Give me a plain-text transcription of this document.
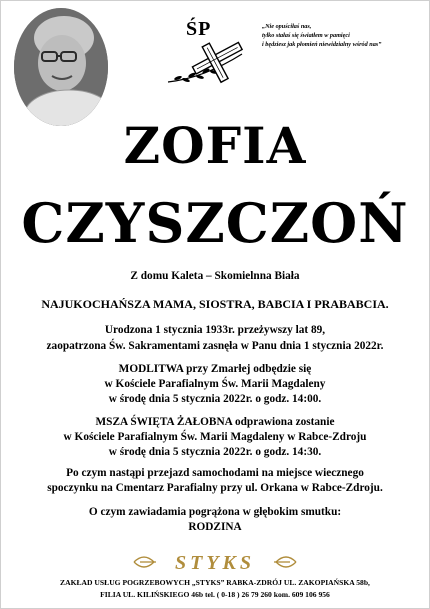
ŚP	„Nie opuściłaś nas,
tylko stałaś się światłem w pamięci
i będziesz jak płomień niewidzialny wśród nas”
ZOFIA
CZYSZCZOŃ
Z domu Kaleta – Skomielnna Biała
NAJUKOCHAŃSZA MAMA, SIOSTRA, BABCIA I PRABABCIA.
Urodzona 1 stycznia 1933r. przeżywszy lat 89,
zaopatrzona Św. Sakramentami zasnęła w Panu dnia 1 stycznia 2022r.
MODLITWA przy Zmarłej odbędzie się
w Kościele Parafialnym Św. Marii Magdaleny
w środę dnia 5 stycznia 2022r. o godz. 14:00.
MSZA ŚWIĘTA ŻAŁOBNA odprawiona zostanie
w Kościele Parafialnym Św. Marii Magdaleny w Rabce-Zdroju
w środę dnia 5 stycznia 2022r. o godz. 14:30.
Po czym nastąpi przejazd samochodami na miejsce wiecznego
spoczynku na Cmentarz Parafialny przy ul. Orkana w Rabce-Zdroju.
O czym zawiadamia pogrążona w głębokim smutku:
RODZINA
STYKS
ZAKŁAD USŁUG POGRZEBOWYCH „STYKS” RABKA-ZDRÓJ UL. ZAKOPIAŃSKA 58b,
FILIA UL. KILIŃSKIEGO 46b tel. ( 0-18 ) 26 79 260 kom. 609 106 956
